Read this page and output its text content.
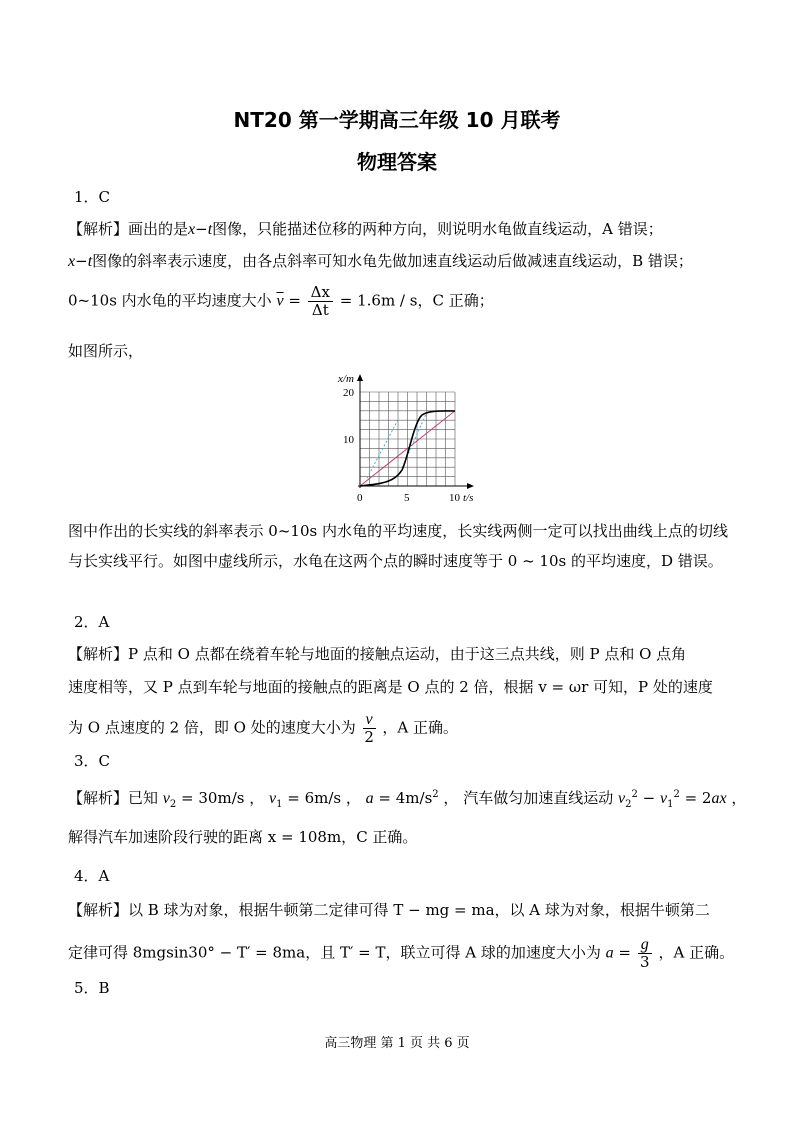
NT20 第一学期高三年级 10 月联考
物理答案
1．C
【解析】画出的是x−t图像，只能描述位移的两种方向，则说明水龟做直线运动，A 错误；
x−t图像的斜率表示速度，由各点斜率可知水龟先做加速直线运动后做减速直线运动，B 错误；
0~10s 内水龟的平均速度大小 $\overline{v} = \frac{\Delta x}{\Delta t} = 1.6m / s$，C 正确；
如图所示，
x/m
20
10
0	5	10 t/s
图中作出的长实线的斜率表示 0~10s 内水龟的平均速度，长实线两侧一定可以找出曲线上点的切线与长实线平行。如图中虚线所示，水龟在这两个点的瞬时速度等于 0 ~ 10s 的平均速度，D 错误。
2．A
【解析】P 点和 O 点都在绕着车轮与地面的接触点运动，由于这三点共线，则 P 点和 O 点角
速度相等，又 P 点到车轮与地面的接触点的距离是 O 点的 2 倍，根据 v = ωr 可知，P 处的速度
为 O 点速度的 2 倍，即 O 处的速度大小为 $\frac{v}{2}$ ，A 正确。
3．C
【解析】已知 $v_2 = 30m/s$ ， $v_1 = 6m/s$ ， $a = 4m/s^2$ ， 汽车做匀加速直线运动 $v_2^2 - v_1^2 = 2ax$ ，
解得汽车加速阶段行驶的距离 x = 108m，C 正确。
4．A
【解析】以 B 球为对象，根据牛顿第二定律可得 T − mg = ma，以 A 球为对象，根据牛顿第二
定律可得 8mgsin30° − T′ = 8ma，且 T′ = T，联立可得 A 球的加速度大小为 $a = \frac{g}{3}$ ，A 正确。
5．B
高三物理 第 1 页 共 6 页
